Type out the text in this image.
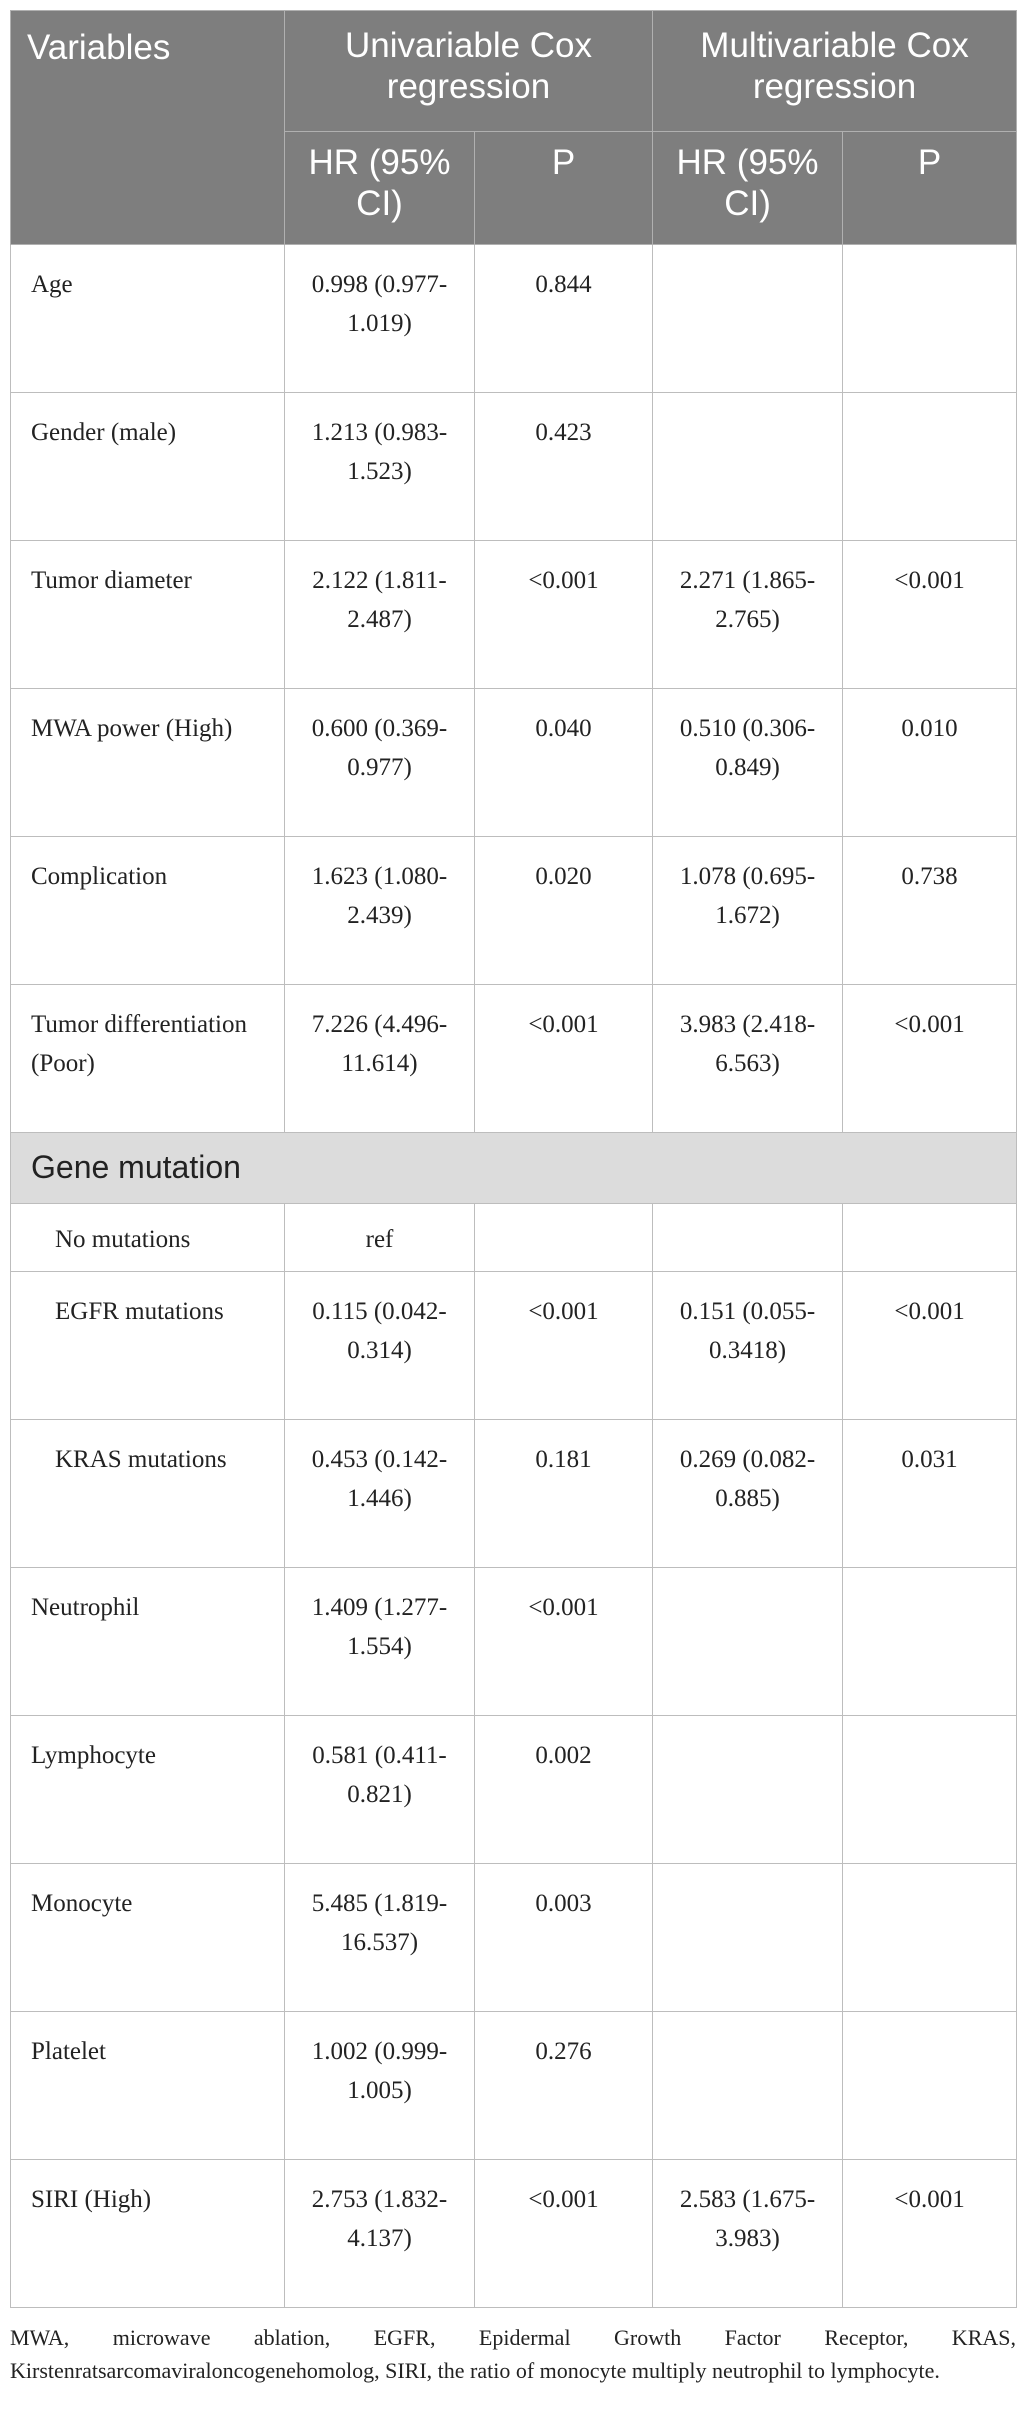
Variables	Univariable Cox regression		Multivariable Cox regression	
	HR (95% CI)	P	HR (95% CI)	P
Age	0.998 (0.977-1.019)	0.844		
Gender (male)	1.213 (0.983-1.523)	0.423		
Tumor diameter	2.122 (1.811-2.487)	<0.001	2.271 (1.865-2.765)	<0.001
MWA power (High)	0.600 (0.369-0.977)	0.040	0.510 (0.306-0.849)	0.010
Complication	1.623 (1.080-2.439)	0.020	1.078 (0.695-1.672)	0.738
Tumor differentiation (Poor)	7.226 (4.496-11.614)	<0.001	3.983 (2.418-6.563)	<0.001
Gene mutation				
No mutations	ref			
EGFR mutations	0.115 (0.042-0.314)	<0.001	0.151 (0.055-0.3418)	<0.001
KRAS mutations	0.453 (0.142-1.446)	0.181	0.269 (0.082-0.885)	0.031
Neutrophil	1.409 (1.277-1.554)	<0.001		
Lymphocyte	0.581 (0.411-0.821)	0.002		
Monocyte	5.485 (1.819-16.537)	0.003		
Platelet	1.002 (0.999-1.005)	0.276		
SIRI (High)	2.753 (1.832-4.137)	<0.001	2.583 (1.675-3.983)	<0.001
MWA, microwave ablation, EGFR, Epidermal Growth Factor Receptor, KRAS, Kirstenratsarcomaviraloncogenehomolog, SIRI, the ratio of monocyte multiply neutrophil to lymphocyte.
